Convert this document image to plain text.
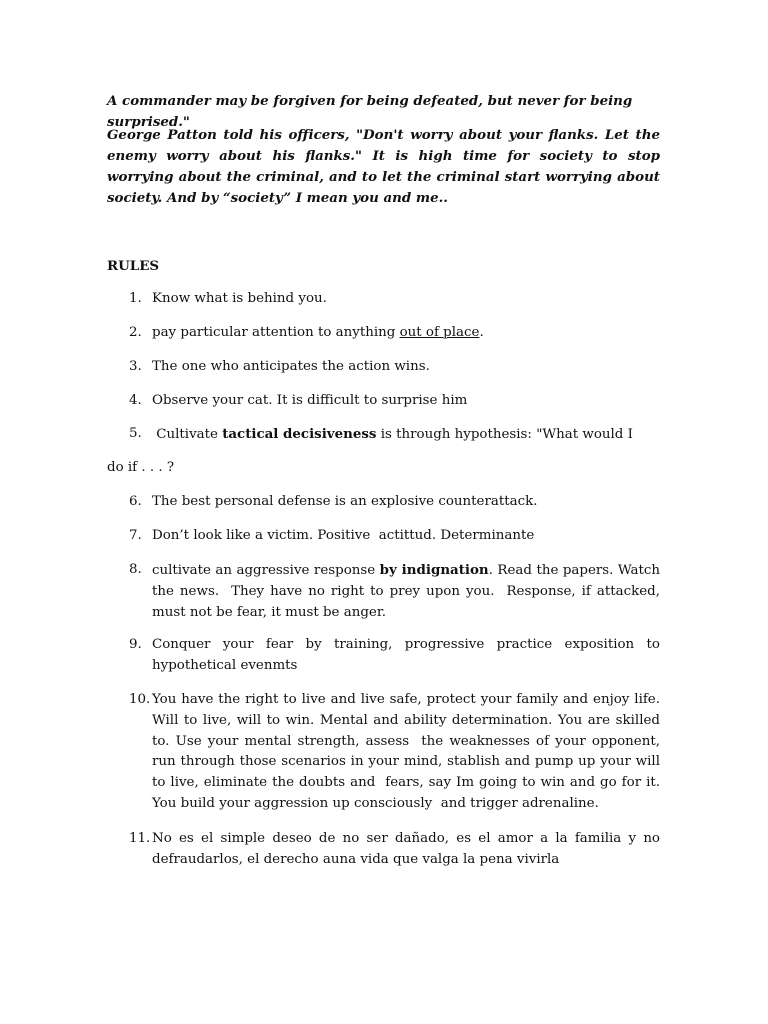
A commander may be forgiven for being defeated, but never for being surprised."

George Patton told his officers, "Don't worry about your flanks. Let the enemy worry about his flanks." It is high time for society to stop worrying about the criminal, and to let the criminal start worrying about society. And by “society” I mean you and me..

RULES

1. Know what is behind you.
2. pay particular attention to anything out of place.
3. The one who anticipates the action wins.
4. Observe your cat. It is difficult to surprise him
5. Cultivate tactical decisiveness is through hypothesis: "What would I
do if . . . ?
6. The best personal defense is an explosive counterattack.
7. Don’t look like a victim. Positive  actittud. Determinante
8. cultivate an aggressive response by indignation. Read the papers. Watch the news.  They have no right to prey upon you.  Response, if attacked, must not be fear, it must be anger.
9. Conquer your fear by training, progressive practice exposition to hypothetical evenmts
10. You have the right to live and live safe, protect your family and enjoy life. Will to live, will to win. Mental and ability determination. You are skilled to. Use your mental strength, assess  the weaknesses of your opponent, run through those scenarios in your mind, stablish and pump up your will to live, eliminate the doubts and  fears, say Im going to win and go for it. You build your aggression up consciously  and trigger adrenaline.
11. No es el simple deseo de no ser dañado, es el amor a la familia y no defraudarlos, el derecho auna vida que valga la pena vivirla
